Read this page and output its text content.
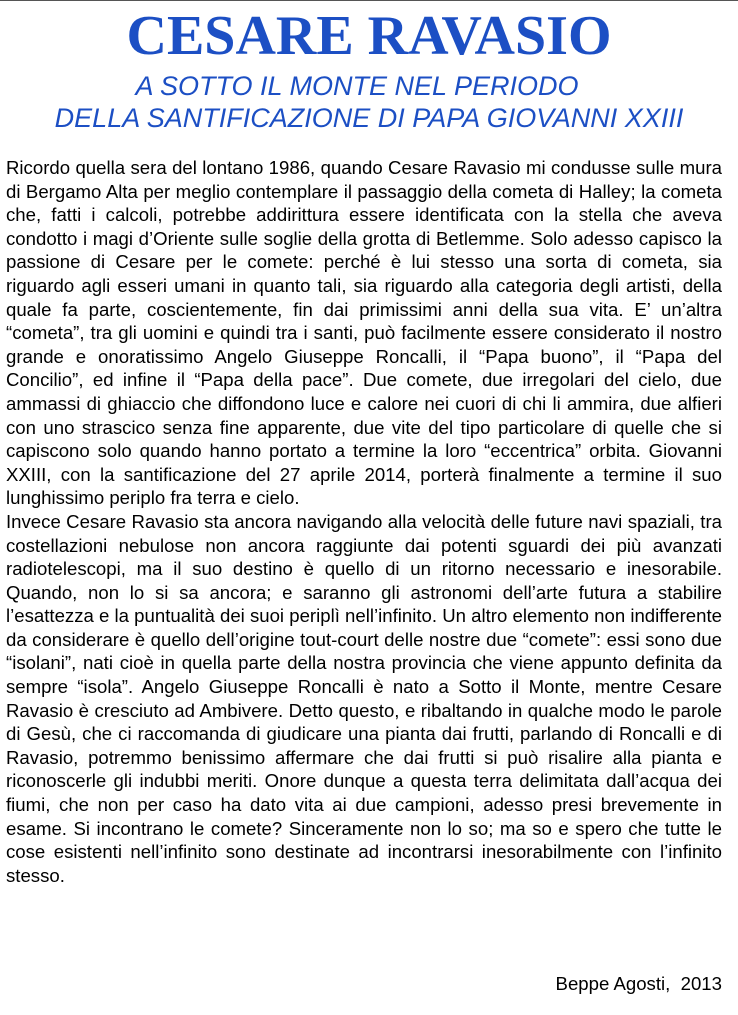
CESARE RAVASIO
A SOTTO IL MONTE NEL PERIODO
DELLA SANTIFICAZIONE DI PAPA GIOVANNI XXIII

Ricordo quella sera del lontano 1986, quando Cesare Ravasio mi condusse sulle mura di Bergamo Alta per meglio contemplare il passaggio della cometa di Halley; la cometa che, fatti i calcoli, potrebbe addirittura essere identificata con la stella che aveva condotto i magi d’Oriente sulle soglie della grotta di Betlemme. Solo adesso capisco la passione di Cesare per le comete: perché è lui stesso una sorta di cometa, sia riguardo agli esseri umani in quanto tali, sia riguardo alla categoria degli artisti, della quale fa parte, coscientemente, fin dai primissimi anni della sua vita. E’ un’altra “cometa”, tra gli uomini e quindi tra i santi, può facilmente essere considerato il nostro grande e onoratissimo Angelo Giuseppe Roncalli, il “Papa buono”, il “Papa del Concilio”, ed infine il “Papa della pace”. Due comete, due irregolari del cielo, due ammassi di ghiaccio che diffondono luce e calore nei cuori di chi li ammira, due alfieri con uno strascico senza fine apparente, due vite del tipo particolare di quelle che si capiscono solo quando hanno portato a termine la loro “eccentrica” orbita. Giovanni XXIII, con la santificazione del 27 aprile 2014, porterà finalmente a termine il suo lunghissimo periplo fra terra e cielo.

Invece Cesare Ravasio sta ancora navigando alla velocità delle future navi spaziali, tra costellazioni nebulose non ancora raggiunte dai potenti sguardi dei più avanzati radiotelescopi, ma il suo destino è quello di un ritorno necessario e inesorabile. Quando, non lo si sa ancora; e saranno gli astronomi dell’arte futura a stabilire l’esattezza e la puntualità dei suoi periplì nell’infinito. Un altro elemento non indifferente da considerare è quello dell’origine tout-court delle nostre due “comete”: essi sono due “isolani”, nati cioè in quella parte della nostra provincia che viene appunto definita da sempre “isola”. Angelo Giuseppe Roncalli è nato a Sotto il Monte, mentre Cesare Ravasio è cresciuto ad Ambivere. Detto questo, e ribaltando in qualche modo le parole di Gesù, che ci raccomanda di giudicare una pianta dai frutti, parlando di Roncalli e di Ravasio, potremmo benissimo affermare che dai frutti si può risalire alla pianta e riconoscerle gli indubbi meriti. Onore dunque a questa terra delimitata dall’acqua dei fiumi, che non per caso ha dato vita ai due campioni, adesso presi brevemente in esame. Si incontrano le comete? Sinceramente non lo so; ma so e spero che tutte le cose esistenti nell’infinito sono destinate ad incontrarsi inesorabilmente con l’infinito stesso.

Beppe Agosti,  2013
